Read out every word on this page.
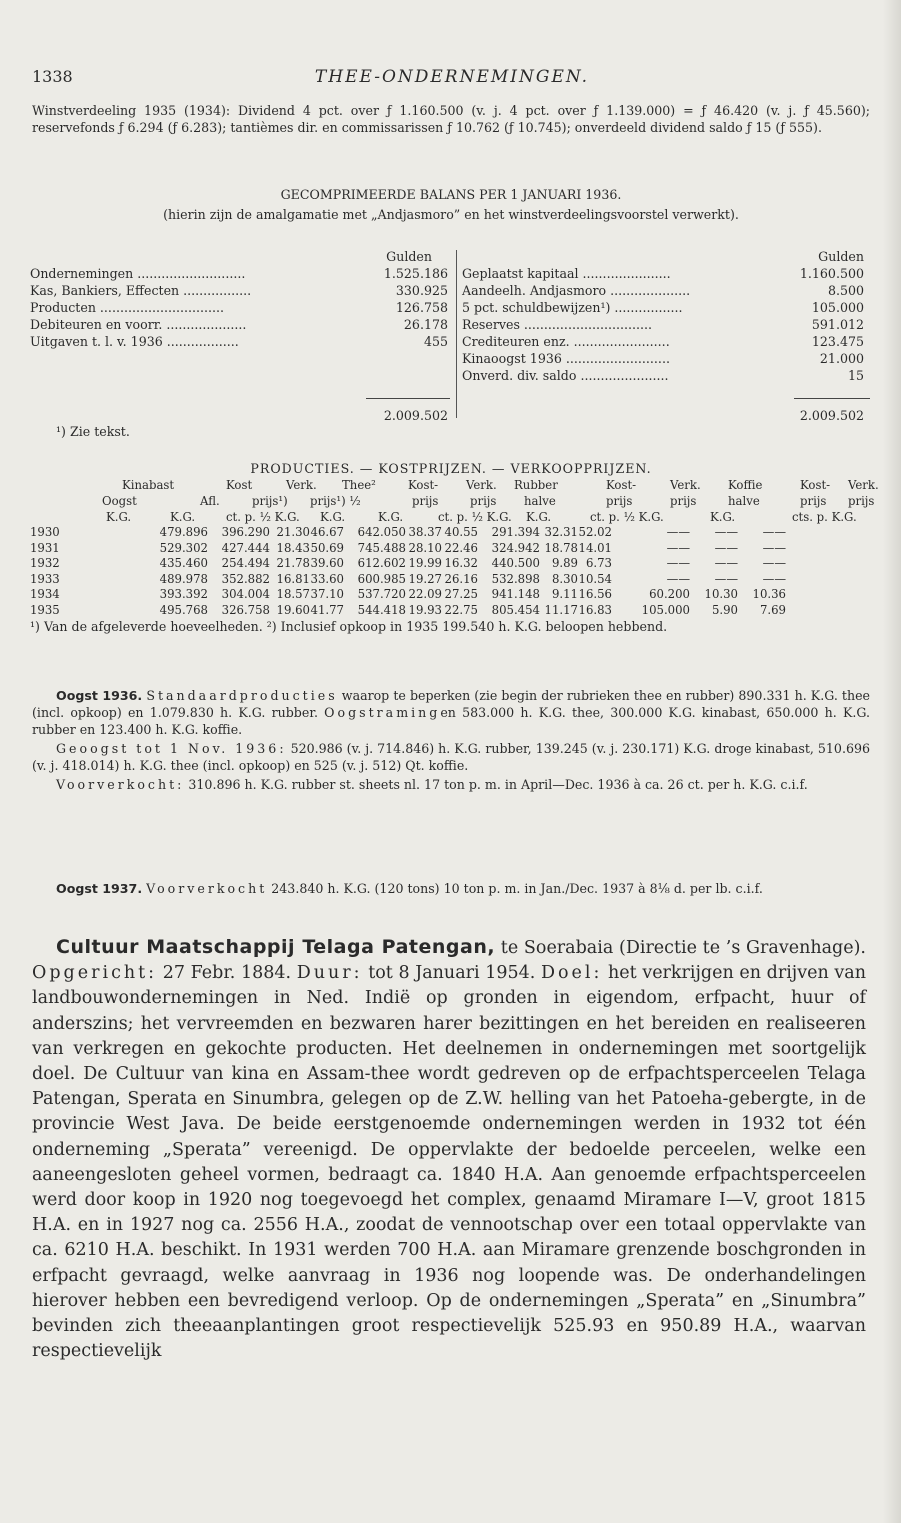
THEE-ONDERNEMINGEN.
1338

Winstverdeeling 1935 (1934): Dividend 4 pct. over ƒ 1.160.500 (v. j. 4 pct. over ƒ 1.139.000) = ƒ 46.420 (v. j. ƒ 45.560); reservefonds ƒ 6.294 (ƒ 6.283); tantièmes dir. en commissarissen ƒ 10.762 (ƒ 10.745); onverdeeld dividend saldo ƒ 15 (ƒ 555).

GECOMPRIMEERDE BALANS PER 1 JANUARI 1936.
(hierin zijn de amalgamatie met „Andjasmoro” en het winstverdeelingsvoorstel verwerkt).
Gulden
Ondernemingen ...........................	1.525.186
Kas, Bankiers, Effecten .................	330.925
Producten ...............................	126.758
Debiteuren en voorr. ....................	26.178
Uitgaven t. l. v. 1936 ..................	455
Gulden
Geplaatst kapitaal ......................	1.160.500
Aandeelh. Andjasmoro ....................	8.500
5 pct. schuldbewijzen¹) .................	105.000
Reserves ................................	591.012
Crediteuren enz. ........................	123.475
Kinaoogst 1936 ..........................	21.000
Onverd. div. saldo ......................	15
2.009.502	2.009.502
¹) Zie tekst.
PRODUCTIES. — KOSTPRIJZEN. — VERKOOPPRIJZEN.
Kinabast	Kost	Verk. Thee²	Kost- Verk. Rubber	Kost-	Verk. Koffie	Kost- Verk.
Oogst	Afl.	prijs¹) prijs¹) ½	prijs	prijs halve	prijs	prijs	halve	prijs prijs
K.G.	K.G.	ct. p. ½ K.G. K.G.	K.G.	ct. p. ½ K.G. K.G.	ct. p. ½ K.G.	K.G.	cts. p. K.G.
1930	479.896	396.290 21.30 46.67	642.050 38.37 40.55	291.394 32.31 52.02	——	——	——
1931	529.302	427.444 18.43 50.69	745.488 28.10 22.46	324.942 18.78 14.01	——	——	——
1932	435.460	254.494 21.78 39.60	612.602 19.99 16.32	440.500	9.89 6.73	——	——	——
1933	489.978	352.882 16.81 33.60	600.985 19.27 26.16	532.898	8.30 10.54	——	——	——
1934	393.392	304.004 18.57 37.10	537.720 22.09 27.25	941.148	9.11 16.56	60.200	10.30	10.36
1935	495.768	326.758 19.60 41.77	544.418 19.93 22.75	805.454 11.17 16.83	105.000	5.90	7.69
¹) Van de afgeleverde hoeveelheden. ²) Inclusief opkoop in 1935 199.540 h. K.G. beloopen hebbend.

Oogst 1936. Standaardproducties waarop te beperken (zie begin der rubrieken thee en rubber) 890.331 h. K.G. thee (incl. opkoop) en 1.079.830 h. K.G. rubber. Oogstramingen 583.000 h. K.G. thee, 300.000 K.G. kinabast, 650.000 h. K.G. rubber en 123.400 h. K.G. koffie.

Geoogst tot 1 Nov. 1936: 520.986 (v. j. 714.846) h. K.G. rubber, 139.245 (v. j. 230.171) K.G. droge kinabast, 510.696 (v. j. 418.014) h. K.G. thee (incl. opkoop) en 525 (v. j. 512) Qt. koffie.

Voorverkocht: 310.896 h. K.G. rubber st. sheets nl. 17 ton p. m. in April—Dec. 1936 à ca. 26 ct. per h. K.G. c.i.f.

Oogst 1937. Voorverkocht 243.840 h. K.G. (120 tons) 10 ton p. m. in Jan./Dec. 1937 à 8⅛ d. per lb. c.i.f.

Cultuur Maatschappij Telaga Patengan, te Soerabaia (Directie te ’s Gravenhage). Opgericht: 27 Febr. 1884. Duur: tot 8 Januari 1954. Doel: het verkrijgen en drijven van landbouwondernemingen in Ned. Indië op gronden in eigendom, erfpacht, huur of anderszins; het vervreemden en bezwaren harer bezittingen en het bereiden en realiseeren van verkregen en gekochte producten. Het deelnemen in ondernemingen met soortgelijk doel. De Cultuur van kina en Assam-thee wordt gedreven op de erfpachtsperceelen Telaga Patengan, Sperata en Sinumbra, gelegen op de Z.W. helling van het Patoeha-gebergte, in de provincie West Java. De beide eerstgenoemde ondernemingen werden in 1932 tot één onderneming „Sperata” vereenigd. De oppervlakte der bedoelde perceelen, welke een aaneengesloten geheel vormen, bedraagt ca. 1840 H.A. Aan genoemde erfpachtsperceelen werd door koop in 1920 nog toegevoegd het complex, genaamd Miramare I—V, groot 1815 H.A. en in 1927 nog ca. 2556 H.A., zoodat de vennootschap over een totaal oppervlakte van ca. 6210 H.A. beschikt. In 1931 werden 700 H.A. aan Miramare grenzende boschgronden in erfpacht gevraagd, welke aanvraag in 1936 nog loopende was. De onderhandelingen hierover hebben een bevredigend verloop. Op de ondernemingen „Sperata” en „Sinumbra” bevinden zich theeaanplantingen groot respectievelijk 525.93 en 950.89 H.A., waarvan respectievelijk
